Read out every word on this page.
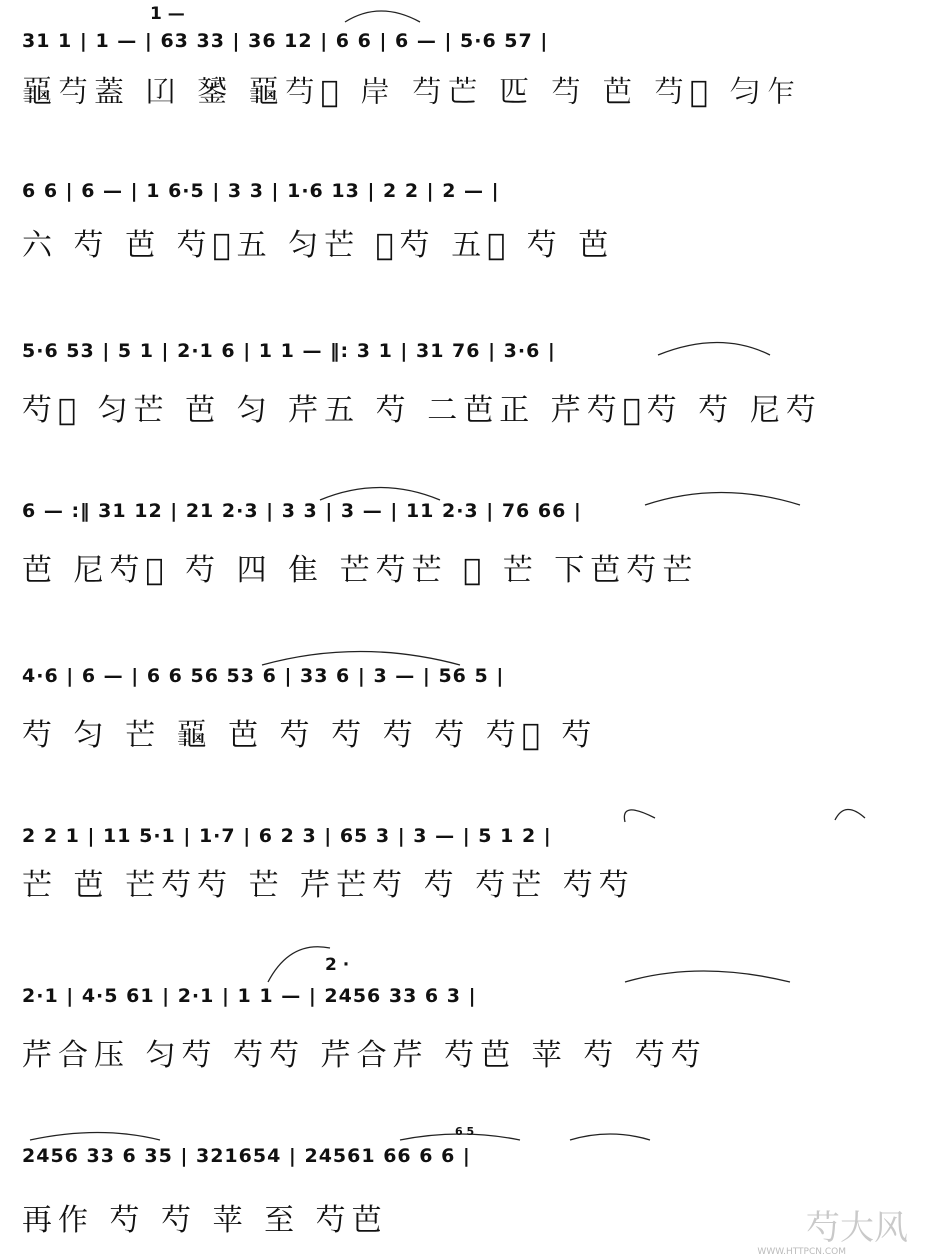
1 —
31 1 | 1 — | 63 33 | 36 12 | 6 6 | 6 — | 5·6 57 |
𪚦芍蓋 𠙶 𨭉 𪚦芍𫊸 岸 芍芒 匹 芍 芭 芍𫇬 匀乍
6 6 | 6 — | 1 6·5 | 3 3 | 1·6 13 | 2 2 | 2 — |
六 芍 芭 芍𫇬五 匀芒 𫇬芍 五𪚦 芍 芭
5·6 53 | 5 1 | 2·1 6 | 1 1 — ‖: 3 1 | 31 76 | 3·6 |
芍𫇬 匀芒 芭 匀 芹五 芍 二芭正 芹芍𪚦芍 芍 尼芍
6 — :‖ 31 12 | 21 2·3 | 3 3 | 3 — | 11 2·3 | 76 66 |
芭 尼芍𫇬 芍 四 隹 芒芍芒 𪚦 芒 下芭芍芒
4·6 | 6 — | 6 6 56 53 6 | 33 6 | 3 — | 56 5 |
芍 匀 芒 𪚦 芭 芍 芍 芍 芍 芍𫇬 芍
2 2 1 | 11 5·1 | 1·7 | 6 2 3 | 65 3 | 3 — | 5 1 2 |
芒 芭 芒芍芍 芒 芹芒芍 芍 芍芒 芍芍
2 ·
2·1 | 4·5 61 | 2·1 | 1 1 — | 2456 33 6 3 |
芹合压 匀芍 芍芍 芹合芹 芍芭 苹 芍 芍芍
6 5
2456 33 6 35 | 321654 | 24561 66 6 6 |
再作 芍 芍 苹 至 芍芭	芍大风
WWW.HTTPCN.COM
